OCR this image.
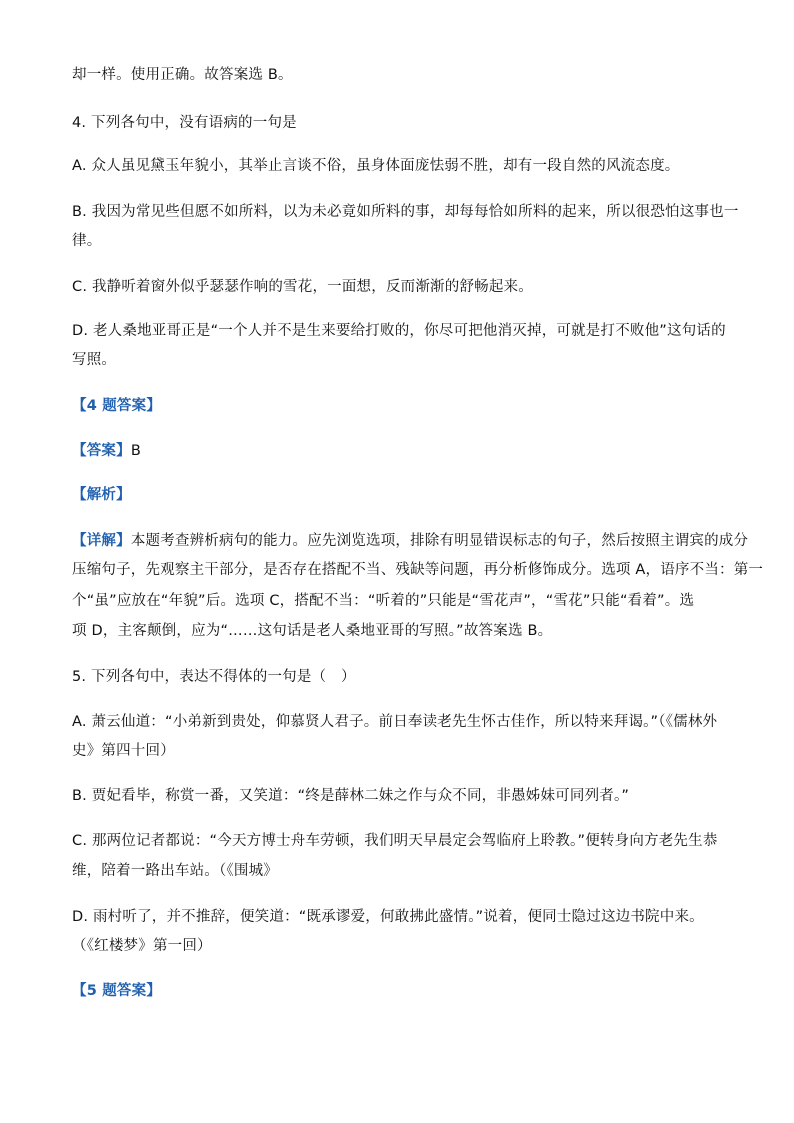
却一样。使用正确。故答案选 B。
4. 下列各句中，没有语病的一句是
A. 众人虽见黛玉年貌小，其举止言谈不俗，虽身体面庞怯弱不胜，却有一段自然的风流态度。
B. 我因为常见些但愿不如所料，以为未必竟如所料的事，却每每恰如所料的起来，所以很恐怕这事也一
律。
C. 我静听着窗外似乎瑟瑟作响的雪花，一面想，反而渐渐的舒畅起来。
D. 老人桑地亚哥正是“一个人并不是生来要给打败的，你尽可把他消灭掉，可就是打不败他”这句话的
写照。
【4 题答案】
【答案】B
【解析】
【详解】本题考查辨析病句的能力。应先浏览选项，排除有明显错误标志的句子，然后按照主谓宾的成分
压缩句子，先观察主干部分，是否存在搭配不当、残缺等问题，再分析修饰成分。选项 A，语序不当：第一
个“虽”应放在“年貌”后。选项 C，搭配不当：“听着的”只能是“雪花声”，“雪花”只能“看着”。选
项 D，主客颠倒，应为“……这句话是老人桑地亚哥的写照。”故答案选 B。
5. 下列各句中，表达不得体的一句是（　）
A. 萧云仙道：“小弟新到贵处，仰慕贤人君子。前日奉读老先生怀古佳作，所以特来拜谒。”（《儒林外
史》第四十回）
B. 贾妃看毕，称赏一番，又笑道：“终是薛林二妹之作与众不同，非愚姊妹可同列者。”
C. 那两位记者都说：“今天方博士舟车劳顿，我们明天早晨定会驾临府上聆教。”便转身向方老先生恭
维，陪着一路出车站。（《围城》
D. 雨村听了，并不推辞，便笑道：“既承谬爱，何敢拂此盛情。”说着，便同士隐过这边书院中来。
（《红楼梦》第一回）
【5 题答案】
